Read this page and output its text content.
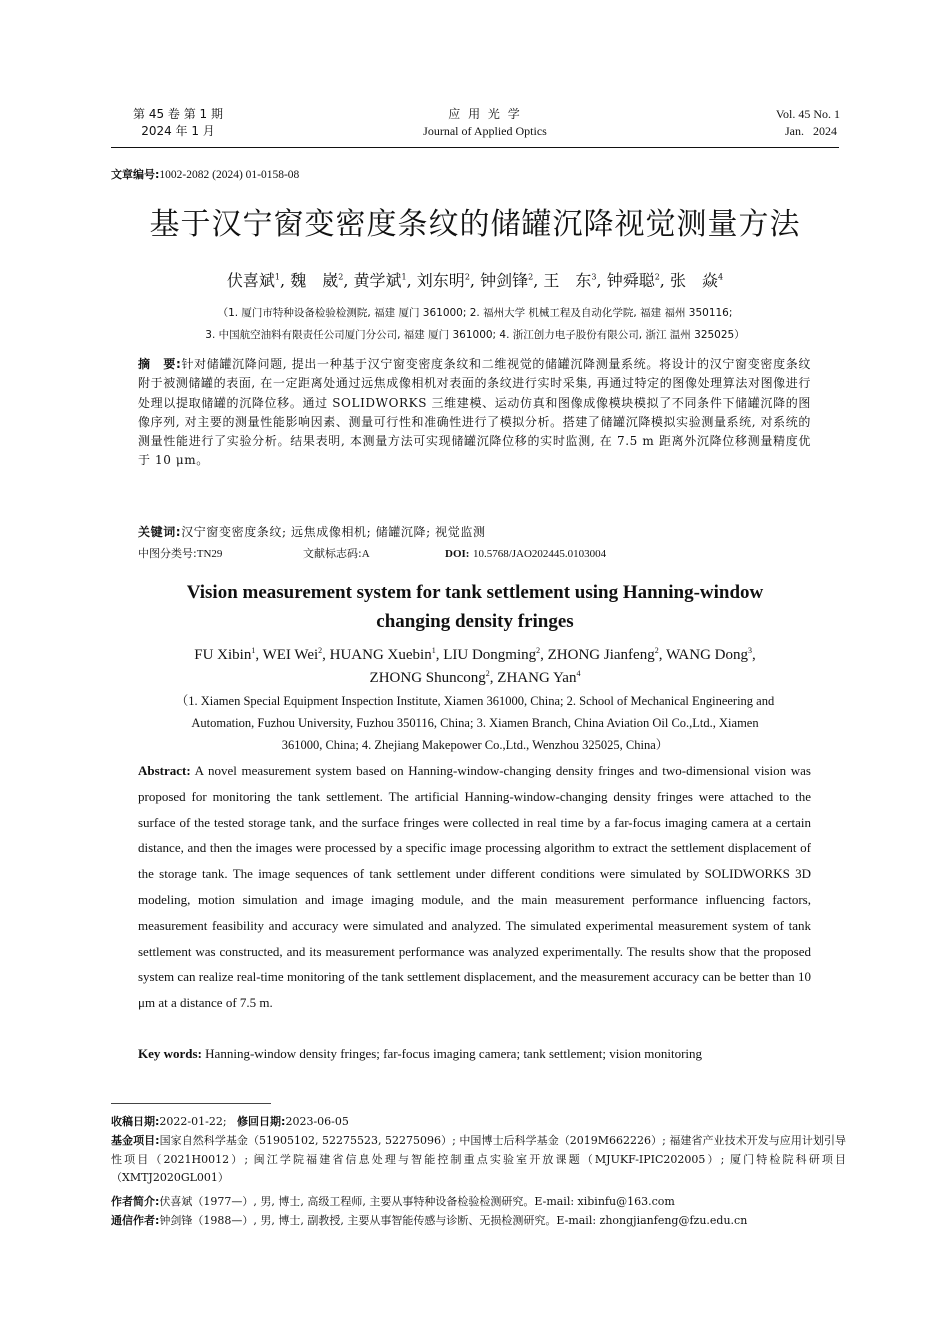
第 45 卷 第 1 期
2024 年 1 月
应 用 光 学
Journal of Applied Optics
Vol. 45 No. 1
Jan.   2024
文章编号:1002-2082 (2024) 01-0158-08
基于汉宁窗变密度条纹的储罐沉降视觉测量方法
伏喜斌$^1$, 魏　崴$^2$, 黄学斌$^1$, 刘东明$^2$, 钟剑锋$^2$, 王　东$^3$, 钟舜聪$^2$, 张　焱$^4$
（1. 厦门市特种设备检验检测院, 福建 厦门 361000; 2. 福州大学 机械工程及自动化学院, 福建 福州 350116;
3. 中国航空油料有限责任公司厦门分公司, 福建 厦门 361000; 4. 浙江创力电子股份有限公司, 浙江 温州 325025）
摘　要:针对储罐沉降问题, 提出一种基于汉宁窗变密度条纹和二维视觉的储罐沉降测量系统。将设计的汉宁窗变密度条纹附于被测储罐的表面, 在一定距离处通过远焦成像相机对表面的条纹进行实时采集, 再通过特定的图像处理算法对图像进行处理以提取储罐的沉降位移。通过 SOLIDWORKS 三维建模、运动仿真和图像成像模块模拟了不同条件下储罐沉降的图像序列, 对主要的测量性能影响因素、测量可行性和准确性进行了模拟分析。搭建了储罐沉降模拟实验测量系统, 对系统的测量性能进行了实验分析。结果表明, 本测量方法可实现储罐沉降位移的实时监测, 在 7.5 m 距离外沉降位移测量精度优于 10 μm。
关键词:汉宁窗变密度条纹; 远焦成像相机; 储罐沉降; 视觉监测
中图分类号:TN29	文献标志码:A	DOI: 10.5768/JAO202445.0103004
Vision measurement system for tank settlement using Hanning-window
changing density fringes
FU Xibin$^1$, WEI Wei$^2$, HUANG Xuebin$^1$, LIU Dongming$^2$, ZHONG Jianfeng$^2$, WANG Dong$^3$,
ZHONG Shuncong$^2$, ZHANG Yan$^4$
（1. Xiamen Special Equipment Inspection Institute, Xiamen 361000, China; 2. School of Mechanical Engineering and
Automation, Fuzhou University, Fuzhou 350116, China; 3. Xiamen Branch, China Aviation Oil Co.,Ltd., Xiamen
361000, China; 4. Zhejiang Makepower Co.,Ltd., Wenzhou 325025, China）
Abstract: A novel measurement system based on Hanning-window-changing density fringes and two-dimensional vision was proposed for monitoring the tank settlement. The artificial Hanning-window-changing density fringes were attached to the surface of the tested storage tank, and the surface fringes were collected in real time by a far-focus imaging camera at a certain distance, and then the images were processed by a specific image processing algorithm to extract the settlement displacement of the storage tank. The image sequences of tank settlement under different conditions were simulated by SOLIDWORKS 3D modeling, motion simulation and image imaging module, and the main measurement performance influencing factors, measurement feasibility and accuracy were simulated and analyzed. The simulated experimental measurement system of tank settlement was constructed, and its measurement performance was analyzed experimentally. The results show that the proposed system can realize real-time monitoring of the tank settlement displacement, and the measurement accuracy can be better than 10 μm at a distance of 7.5 m.
Key words: Hanning-window density fringes; far-focus imaging camera; tank settlement; vision monitoring
收稿日期:2022-01-22; 修回日期:2023-06-05
基金项目:国家自然科学基金（51905102, 52275523, 52275096）; 中国博士后科学基金（2019M662226）; 福建省产业技术开发与应用计划引导性项目（2021H0012）; 闽江学院福建省信息处理与智能控制重点实验室开放课题（MJUKF-IPIC202005）; 厦门特检院科研项目（XMTJ2020GL001）
作者简介:伏喜斌（1977—）, 男, 博士, 高级工程师, 主要从事特种设备检验检测研究。E-mail: xibinfu@163.com
通信作者:钟剑锋（1988—）, 男, 博士, 副教授, 主要从事智能传感与诊断、无损检测研究。E-mail: zhongjianfeng@fzu.edu.cn
